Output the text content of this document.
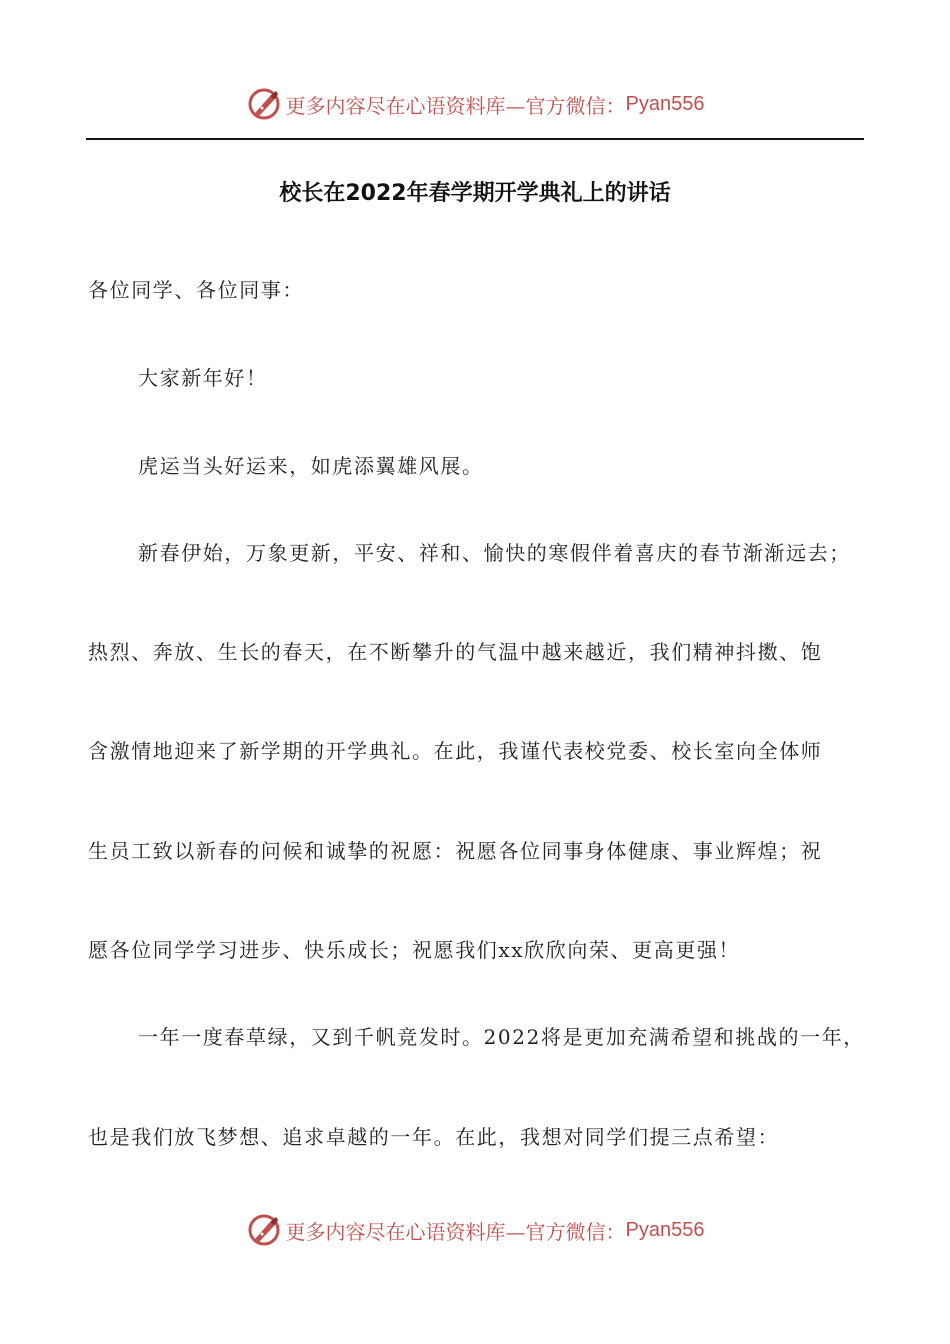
更多内容尽在心语资料库—官方微信： Pyan556
校长在2022年春学期开学典礼上的讲话
各位同学、各位同事：
大家新年好！
虎运当头好运来，如虎添翼雄风展。
新春伊始，万象更新，平安、祥和、愉快的寒假伴着喜庆的春节渐渐远去；
热烈、奔放、生长的春天，在不断攀升的气温中越来越近，我们精神抖擞、饱
含激情地迎来了新学期的开学典礼。在此，我谨代表校党委、校长室向全体师
生员工致以新春的问候和诚挚的祝愿：祝愿各位同事身体健康、事业辉煌；祝
愿各位同学学习进步、快乐成长；祝愿我们xx欣欣向荣、更高更强！
一年一度春草绿，又到千帆竞发时。2022将是更加充满希望和挑战的一年，
也是我们放飞梦想、追求卓越的一年。在此，我想对同学们提三点希望：
更多内容尽在心语资料库—官方微信： Pyan556
